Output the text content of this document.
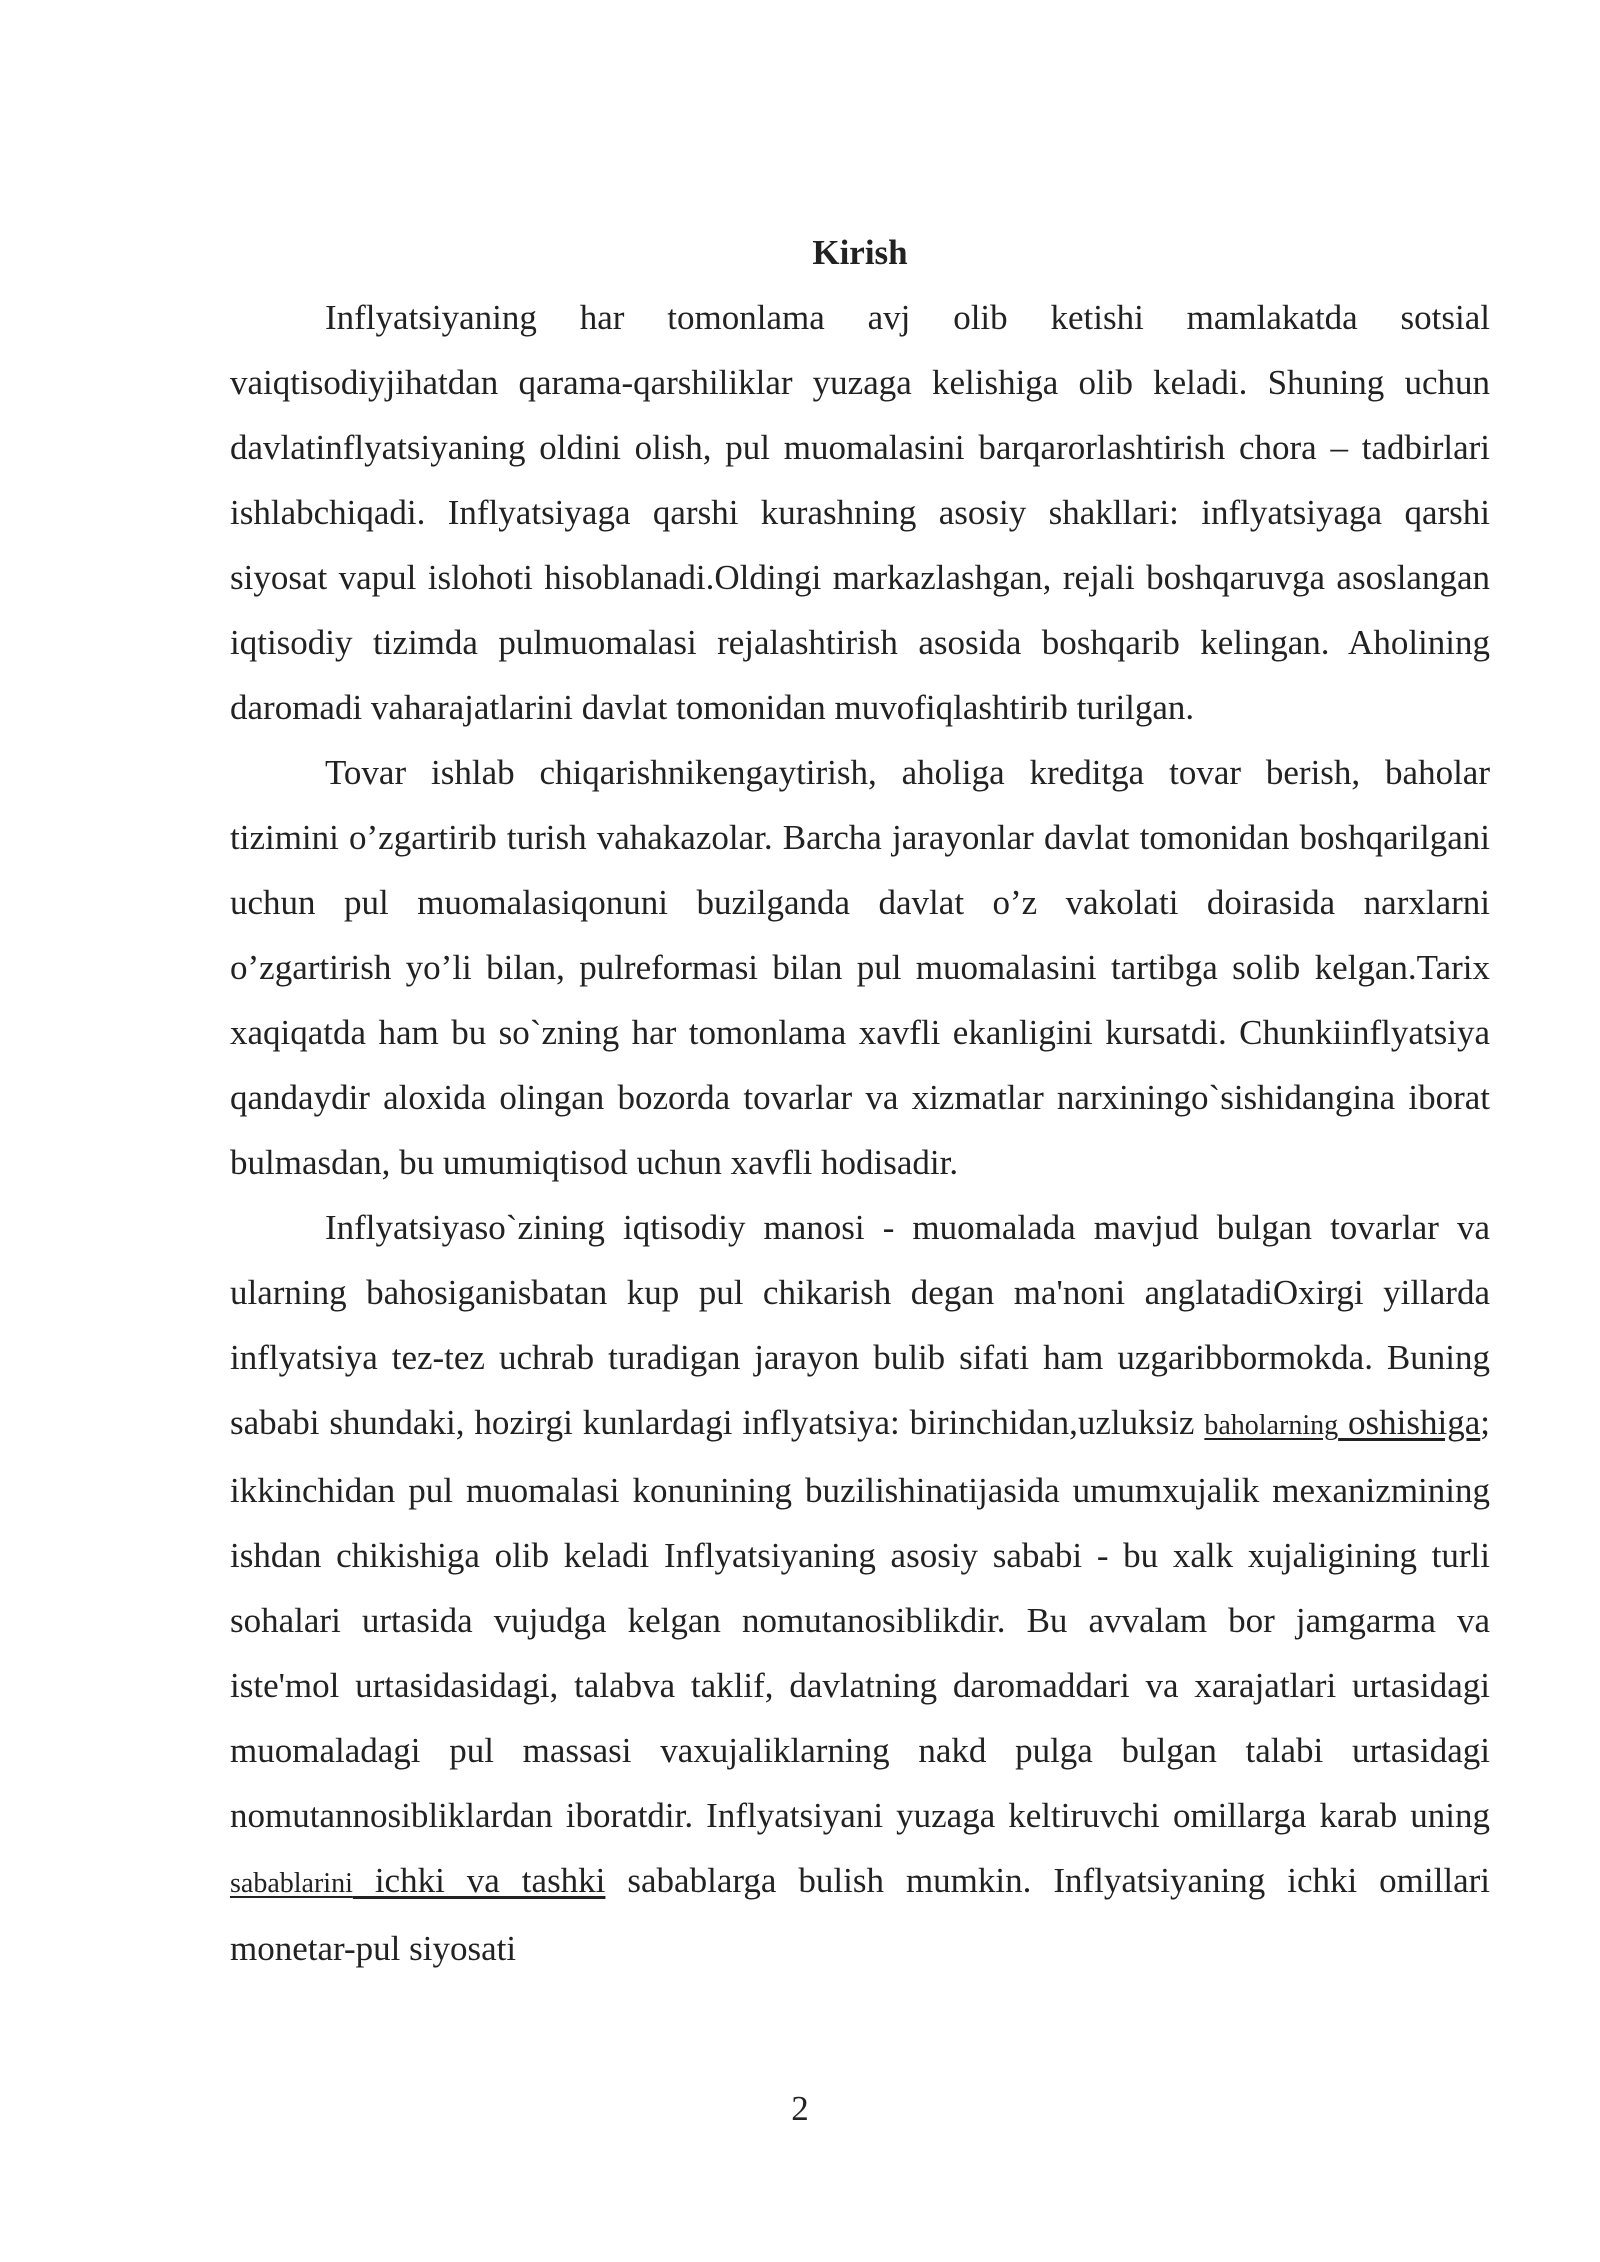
Kirish

Inflyatsiyaning har tomonlama avj olib ketishi mamlakatda sotsial vaiqtisodiyjihatdan qarama-qarshiliklar yuzaga kelishiga olib keladi. Shuning uchun davlatinflyatsiyaning oldini olish, pul muomalasini barqarorlashtirish chora – tadbirlari ishlabchiqadi. Inflyatsiyaga qarshi kurashning asosiy shakllari: inflyatsiyaga qarshi siyosat vapul islohoti hisoblanadi.Oldingi markazlashgan, rejali boshqaruvga asoslangan iqtisodiy tizimda pulmuomalasi rejalashtirish asosida boshqarib kelingan. Aholining daromadi vaharajatlarini davlat tomonidan muvofiqlashtirib turilgan.

Tovar ishlab chiqarishnikengaytirish, aholiga kreditga tovar berish, baholar tizimini o’zgartirib turish vahakazolar. Barcha jarayonlar davlat tomonidan boshqarilgani uchun pul muomalasiqonuni buzilganda davlat o’z vakolati doirasida narxlarni o’zgartirish yo’li bilan, pulreformasi bilan pul muomalasini tartibga solib kelgan.Tarix xaqiqatda ham bu so`zning har tomonlama xavfli ekanligini kursatdi. Chunkiinflyatsiya qandaydir aloxida olingan bozorda tovarlar va xizmatlar narxiningo`sishidangina iborat bulmasdan, bu umumiqtisod uchun xavfli hodisadir.

Inflyatsiyaso`zining iqtisodiy manosi - muomalada mavjud bulgan tovarlar va ularning bahosiganisbatan kup pul chikarish degan ma'noni anglatadiOxirgi yillarda inflyatsiya tez-tez uchrab turadigan jarayon bulib sifati ham uzgaribbormokda. Buning sababi shundaki, hozirgi kunlardagi inflyatsiya: birinchidan,uzluksiz baholarning oshishiga; ikkinchidan pul muomalasi konunining buzilishinatijasida umumxujalik mexanizmining ishdan chikishiga olib keladi Inflyatsiyaning asosiy sababi - bu xalk xujaligining turli sohalari urtasida vujudga kelgan nomutanosiblikdir. Bu avvalam bor jamgarma va iste'mol urtasidasidagi, talabva taklif, davlatning daromaddari va xarajatlari urtasidagi muomaladagi pul massasi vaxujaliklarning nakd pulga bulgan talabi urtasidagi nomutannosibliklardan iboratdir. Inflyatsiyani yuzaga keltiruvchi omillarga karab uning sabablarini ichki va tashki sabablarga bulish mumkin. Inflyatsiyaning ichki omillari monetar-pul siyosati

2
